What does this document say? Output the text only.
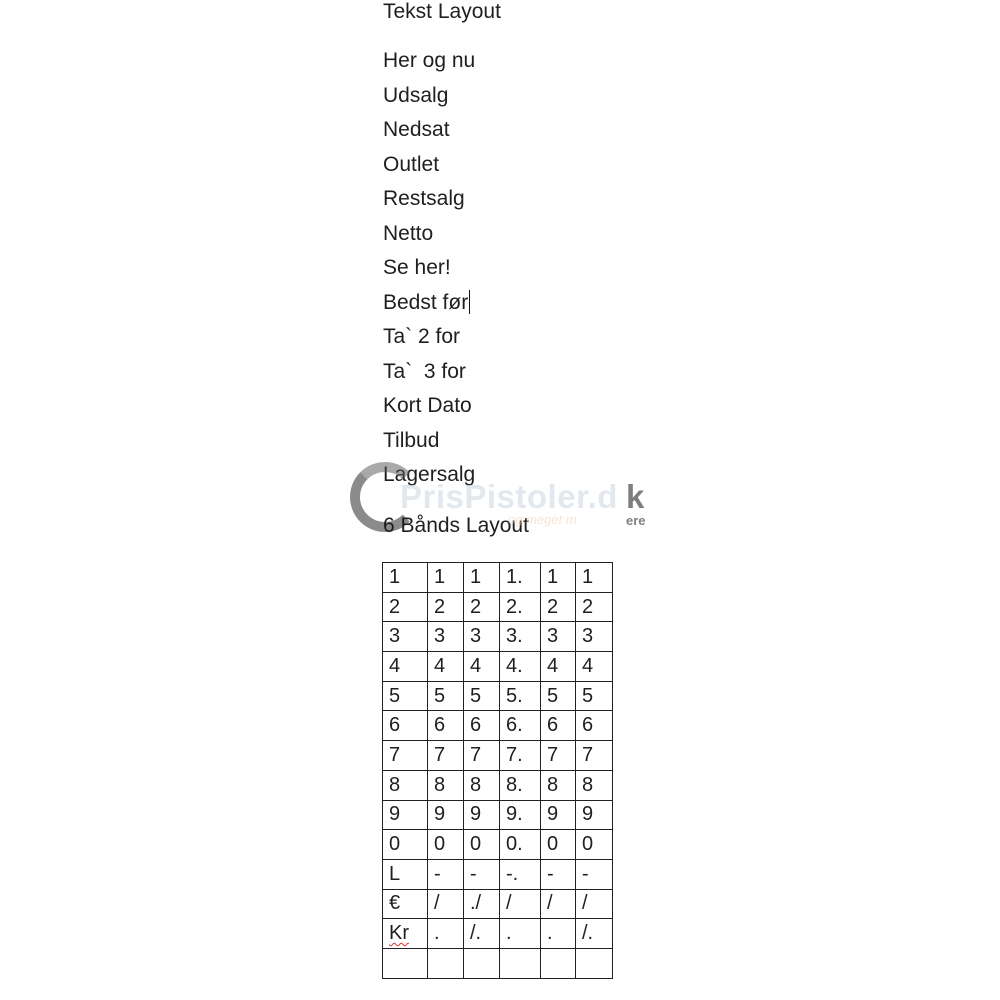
Tekst Layout
Her og nu
Udsalg
Nedsat
Outlet
Restsalg
Netto
Se her!
Bedst før
Ta` 2 for
Ta`  3 for
Kort Dato
Tilbud
Lagersalg
6 Bånds Layout
PrisPistoler.d k
og meget m	ere
1	1	1	1.	1	1
2	2	2	2.	2	2
3	3	3	3.	3	3
4	4	4	4.	4	4
5	5	5	5.	5	5
6	6	6	6.	6	6
7	7	7	7.	7	7
8	8	8	8.	8	8
9	9	9	9.	9	9
0	0	0	0.	0	0
L	-	-	-.	-	-
€	/	./	/	/	/
Kr	.	/.	.	.	/.
